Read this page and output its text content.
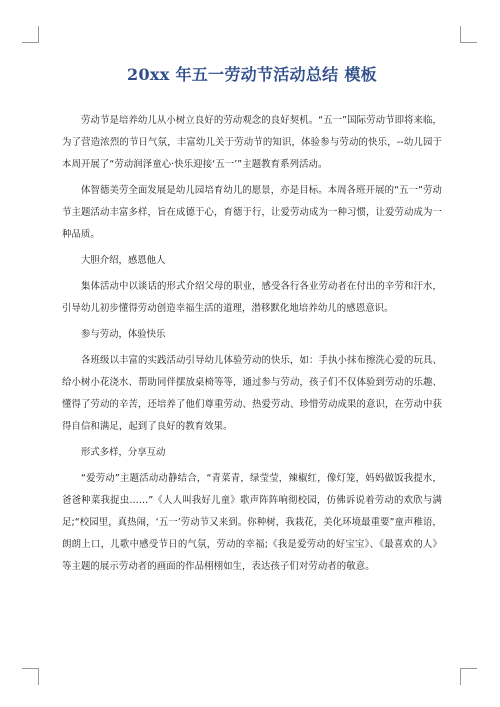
20xx 年五一劳动节活动总结 模板

劳动节是培养幼儿从小树立良好的劳动观念的良好契机。“五一”国际劳动节即将来临，为了营造浓烈的节日气氛，丰富幼儿关于劳动节的知识，体验参与劳动的快乐，--幼儿园于本周开展了“劳动润泽童心·快乐迎接‘五一’”主题教育系列活动。

体智德美劳全面发展是幼儿园培育幼儿的愿景，亦是目标。本周各班开展的“五一”劳动节主题活动丰富多样，旨在成德于心，育德于行，让爱劳动成为一种习惯，让爱劳动成为一种品质。

大胆介绍，感恩他人

集体活动中以谈话的形式介绍父母的职业，感受各行各业劳动者在付出的辛劳和汗水，引导幼儿初步懂得劳动创造幸福生活的道理，潜移默化地培养幼儿的感恩意识。

参与劳动，体验快乐

各班级以丰富的实践活动引导幼儿体验劳动的快乐，如：手执小抹布擦洗心爱的玩具、给小树小花浇水、帮助同伴摆放桌椅等等，通过参与劳动，孩子们不仅体验到劳动的乐趣、懂得了劳动的辛苦，还培养了他们尊重劳动、热爱劳动、珍惜劳动成果的意识，在劳动中获得自信和满足，起到了良好的教育效果。

形式多样，分享互动

“爱劳动”主题活动动静结合，“青菜青，绿莹莹，辣椒红，像灯笼，妈妈做饭我提水，爸爸种菜我捉虫……”《人人叫我好儿童》歌声阵阵响彻校园，仿佛诉说着劳动的欢欣与满足;“校园里，真热闹，‘五一’劳动节又来到。你种树，我栽花，美化环境最重要”童声稚语，朗朗上口，儿歌中感受节日的气氛，劳动的幸福;《我是爱劳动的好宝宝》、《最喜欢的人》等主题的展示劳动者的画面的作品栩栩如生，表达孩子们对劳动者的敬意。
